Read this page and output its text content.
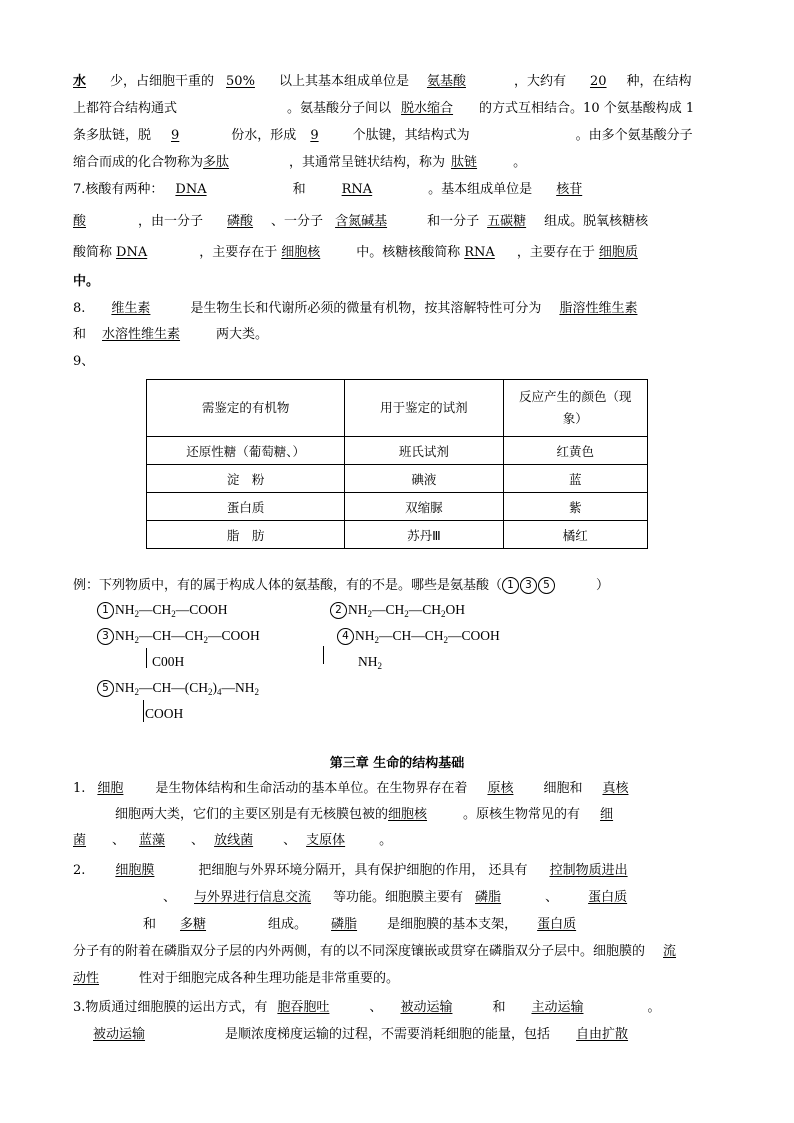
水 少，占细胞干重的 50% 以上其基本组成单位是 氨基酸	，大约有 20 种，在结构
上都符合结构通式	。氨基酸分子间以 脱水缩合 的方式互相结合。10 个氨基酸构成 1
条多肽链，脱 9	份水，形成 9	个肽键，其结构式为	。由多个氨基酸分子
缩合而成的化合物称为多肽	，其通常呈链状结构，称为 肽链	。
7.核酸有两种： DNA	和	RNA	。基本组成单位是 核苷
酸	，由一分子 磷酸 、一分子 含氮碱基	和一分子 五碳糖 组成。脱氧核糖核
酸简称 DNA	，主要存在于 细胞核	中。核糖核酸简称 RNA ，主要存在于 细胞质
中。
8. 维生素	是生物生长和代谢所必须的微量有机物，按其溶解特性可分为 脂溶性维生素
和 水溶性维生素	两大类。
9、
需鉴定的有机物	用于鉴定的试剂	反应产生的颜色（现
象）
还原性糖（葡萄糖、）	班氏试剂	红黄色
淀　粉	碘液	蓝
蛋白质	双缩脲	紫
脂　肪	苏丹Ⅲ	橘红
例：下列物质中，有的属于构成人体的氨基酸，有的不是。哪些是氨基酸（ 1 3 5	）
1 $NH_2—CH_2—COOH$	2 $NH_2—CH_2—CH_2OH$
3 $NH_2—CH—CH_2—COOH$
C00H
4 $NH_2—CH—CH_2—COOH$
$NH_2$
5 $NH_2—CH—(CH_2)_4—NH_2$
COOH
第三章 生命的结构基础
1. 细胞 是生物体结构和生命活动的基本单位。在生物界存在着 原核 细胞和 真核
细胞两大类，它们的主要区别是有无核膜包被的细胞核	。原核生物常见的有 细
菌 、 蓝藻 、 放线菌 、 支原体	。
2. 细胞膜	把细胞与外界环境分隔开，具有保护细胞的作用， 还具有 控制物质进出
、 与外界进行信息交流 等功能。细胞膜主要有 磷脂	、 蛋白质
和 多糖	组成。 磷脂 是细胞膜的基本支架， 蛋白质
分子有的附着在磷脂双分子层的内外两侧，有的以不同深度镶嵌或贯穿在磷脂双分子层中。细胞膜的 流
动性	性对于细胞完成各种生理功能是非常重要的。
3.物质通过细胞膜的运出方式，有 胞吞胞吐	、 被动运输	和 主动运输	。
被动运输	是顺浓度梯度运输的过程，不需要消耗细胞的能量，包括 自由扩散
